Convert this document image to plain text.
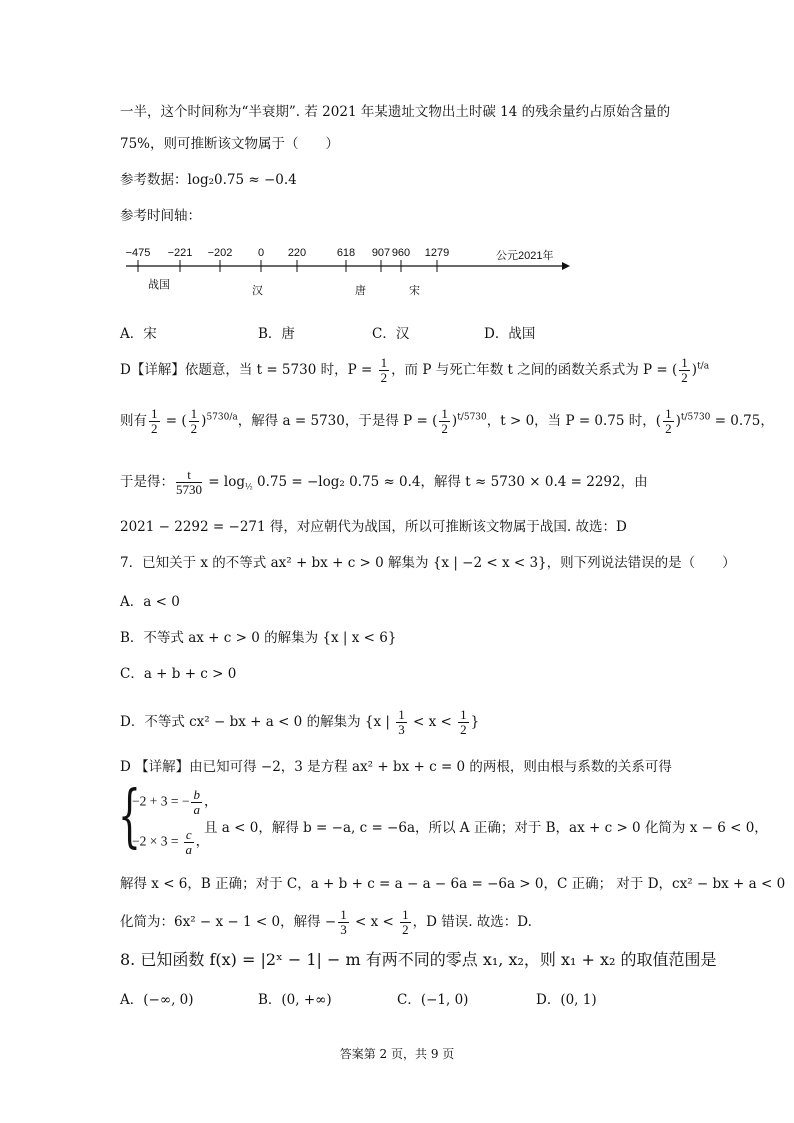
一半，这个时间称为“半衰期”. 若 2021 年某遗址文物出土时碳 14 的残余量约占原始含量的
75%，则可推断该文物属于（　　）
参考数据：log₂0.75 ≈ −0.4
参考时间轴：
−475 −221 −202 0 220	618 907 960 1279	公元2021年
战国	汉	唐	宋
A．宋	B．唐	C．汉	D．战国
D【详解】依题意，当 t = 5730 时，$P = \frac{1}{2}$ ，而 P 与死亡年数 t 之间的函数关系式为 P = ( $\frac{1}{2} )^{t/a}$
则有 $\frac{1}{2}$ = ( $\frac{1}{2} )^{5730/a}$，解得 a = 5730，于是得 P = ( $\frac{1}{2} )^{t/5730}$，t > 0，当 P = 0.75 时，( $\frac{1}{2} )^{t/5730} = 0.75$，
于是得： $\frac{t}{5730} = \log_{\frac{1}{2}} 0.75 = -\log_2$ 0.75 ≈ 0.4，解得 t ≈ 5730 × 0.4 = 2292，由
2021 − 2292 = −271 得，对应朝代为战国，所以可推断该文物属于战国. 故选：D
7．已知关于 x 的不等式 ax² + bx + c > 0 解集为 {x | −2 < x < 3}，则下列说法错误的是（　　）
A．a < 0
B．不等式 ax + c > 0 的解集为 {x | x < 6}
C．a + b + c > 0
D．不等式 cx² − bx + a < 0 的解集为 {x | $\frac{1}{3} < x < \frac{1}{2}$ }
D 【详解】由已知可得 −2，3 是方程 ax² + bx + c = 0 的两根，则由根与系数的关系可得
{
−2 + 3 = − $\frac{b}{a}$ ，
$-2 \times 3 = \frac{c}{a}$ ，
且 a < 0，解得 b = −a, c = −6a，所以 A 正确；对于 B，ax + c > 0 化简为 x − 6 < 0，
解得 x < 6，B 正确；对于 C，a + b + c = a − a − 6a = −6a > 0，C 正确； 对于 D，cx² − bx + a < 0
化简为：6x² − x − 1 < 0，解得 − $\frac{1}{3} < x < \frac{1}{2}$ ，D 错误. 故选：D.
8. 已知函数 f(x) = |2ˣ − 1| − m 有两不同的零点 x₁, x₂，则 x₁ + x₂ 的取值范围是
A．(−∞, 0)	B．(0, +∞)	C．(−1, 0)	D．(0, 1)
答案第 2 页，共 9 页
